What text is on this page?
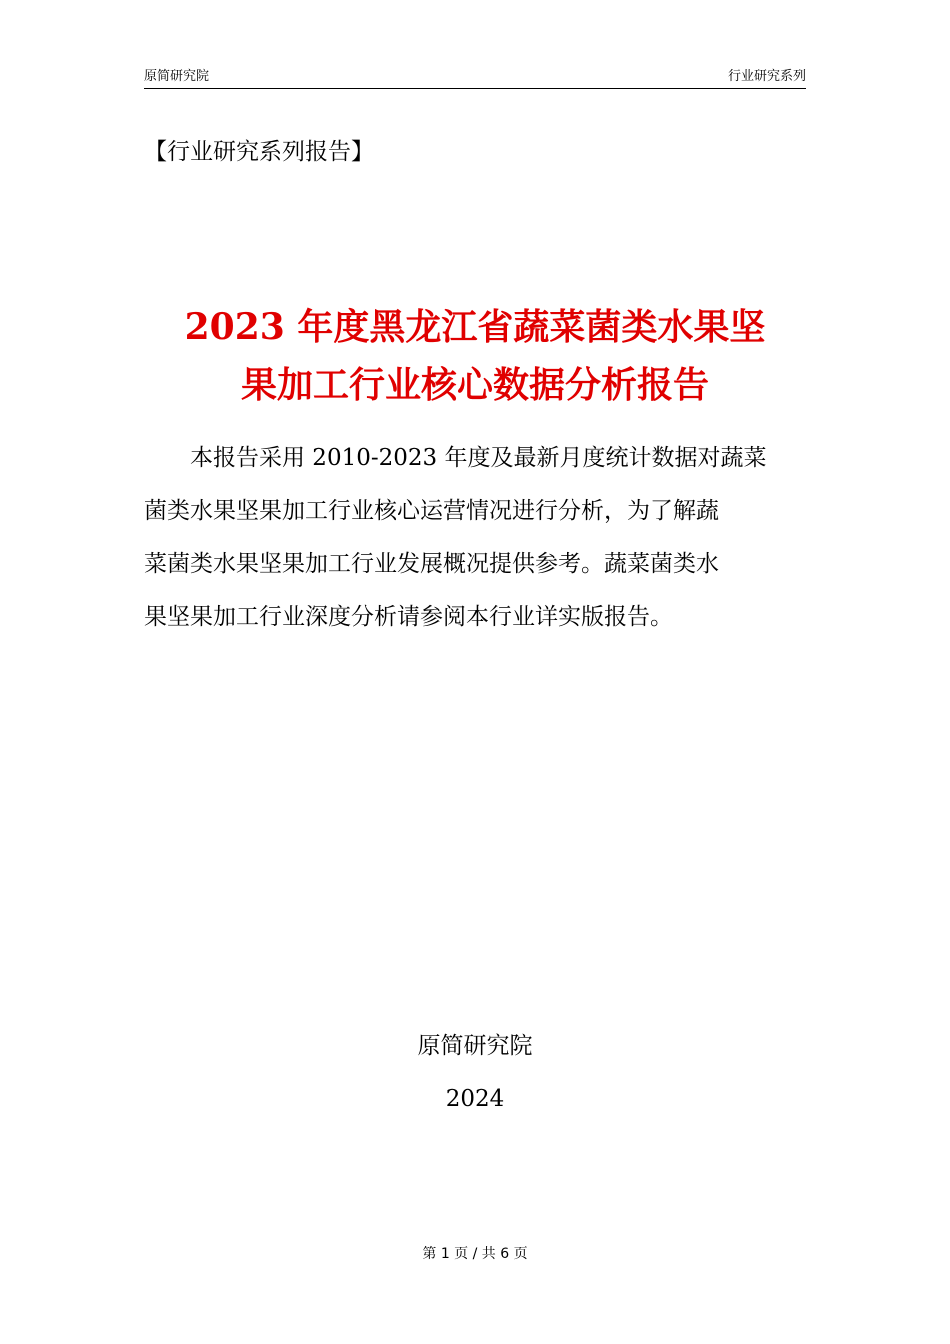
原简研究院	行业研究系列
【行业研究系列报告】
2023 年度黑龙江省蔬菜菌类水果坚
果加工行业核心数据分析报告
本报告采用 2010-2023 年度及最新月度统计数据对蔬菜
菌类水果坚果加工行业核心运营情况进行分析，为了解蔬
菜菌类水果坚果加工行业发展概况提供参考。蔬菜菌类水
果坚果加工行业深度分析请参阅本行业详实版报告。
原简研究院
2024
第 1 页 / 共 6 页
